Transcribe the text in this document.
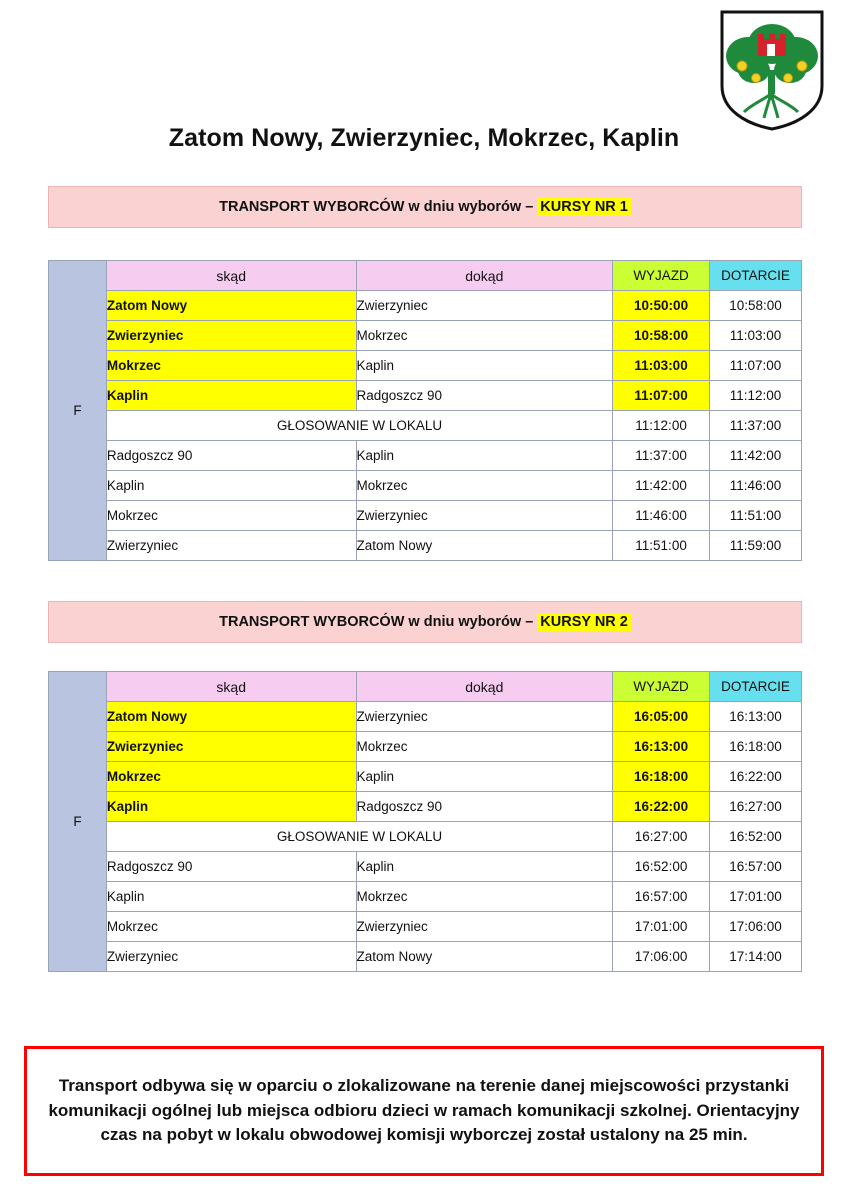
Zatom Nowy, Zwierzyniec, Mokrzec, Kaplin
TRANSPORT WYBORCÓW w dniu wyborów – KURSY NR 1
F	skąd	dokąd	WYJAZD	DOTARCIE
	Zatom Nowy	Zwierzyniec	10:50:00	10:58:00
	Zwierzyniec	Mokrzec	10:58:00	11:03:00
	Mokrzec	Kaplin	11:03:00	11:07:00
	Kaplin	Radgoszcz 90	11:07:00	11:12:00
	GŁOSOWANIE W LOKALU		11:12:00	11:37:00
	Radgoszcz 90	Kaplin	11:37:00	11:42:00
	Kaplin	Mokrzec	11:42:00	11:46:00
	Mokrzec	Zwierzyniec	11:46:00	11:51:00
	Zwierzyniec	Zatom Nowy	11:51:00	11:59:00
TRANSPORT WYBORCÓW w dniu wyborów – KURSY NR 2
F	skąd	dokąd	WYJAZD	DOTARCIE
	Zatom Nowy	Zwierzyniec	16:05:00	16:13:00
	Zwierzyniec	Mokrzec	16:13:00	16:18:00
	Mokrzec	Kaplin	16:18:00	16:22:00
	Kaplin	Radgoszcz 90	16:22:00	16:27:00
	GŁOSOWANIE W LOKALU		16:27:00	16:52:00
	Radgoszcz 90	Kaplin	16:52:00	16:57:00
	Kaplin	Mokrzec	16:57:00	17:01:00
	Mokrzec	Zwierzyniec	17:01:00	17:06:00
	Zwierzyniec	Zatom Nowy	17:06:00	17:14:00

Transport odbywa się w oparciu o zlokalizowane na terenie danej miejscowości przystanki komunikacji ogólnej lub miejsca odbioru dzieci w ramach komunikacji szkolnej. Orientacyjny czas na pobyt w lokalu obwodowej komisji wyborczej został ustalony na 25 min.
